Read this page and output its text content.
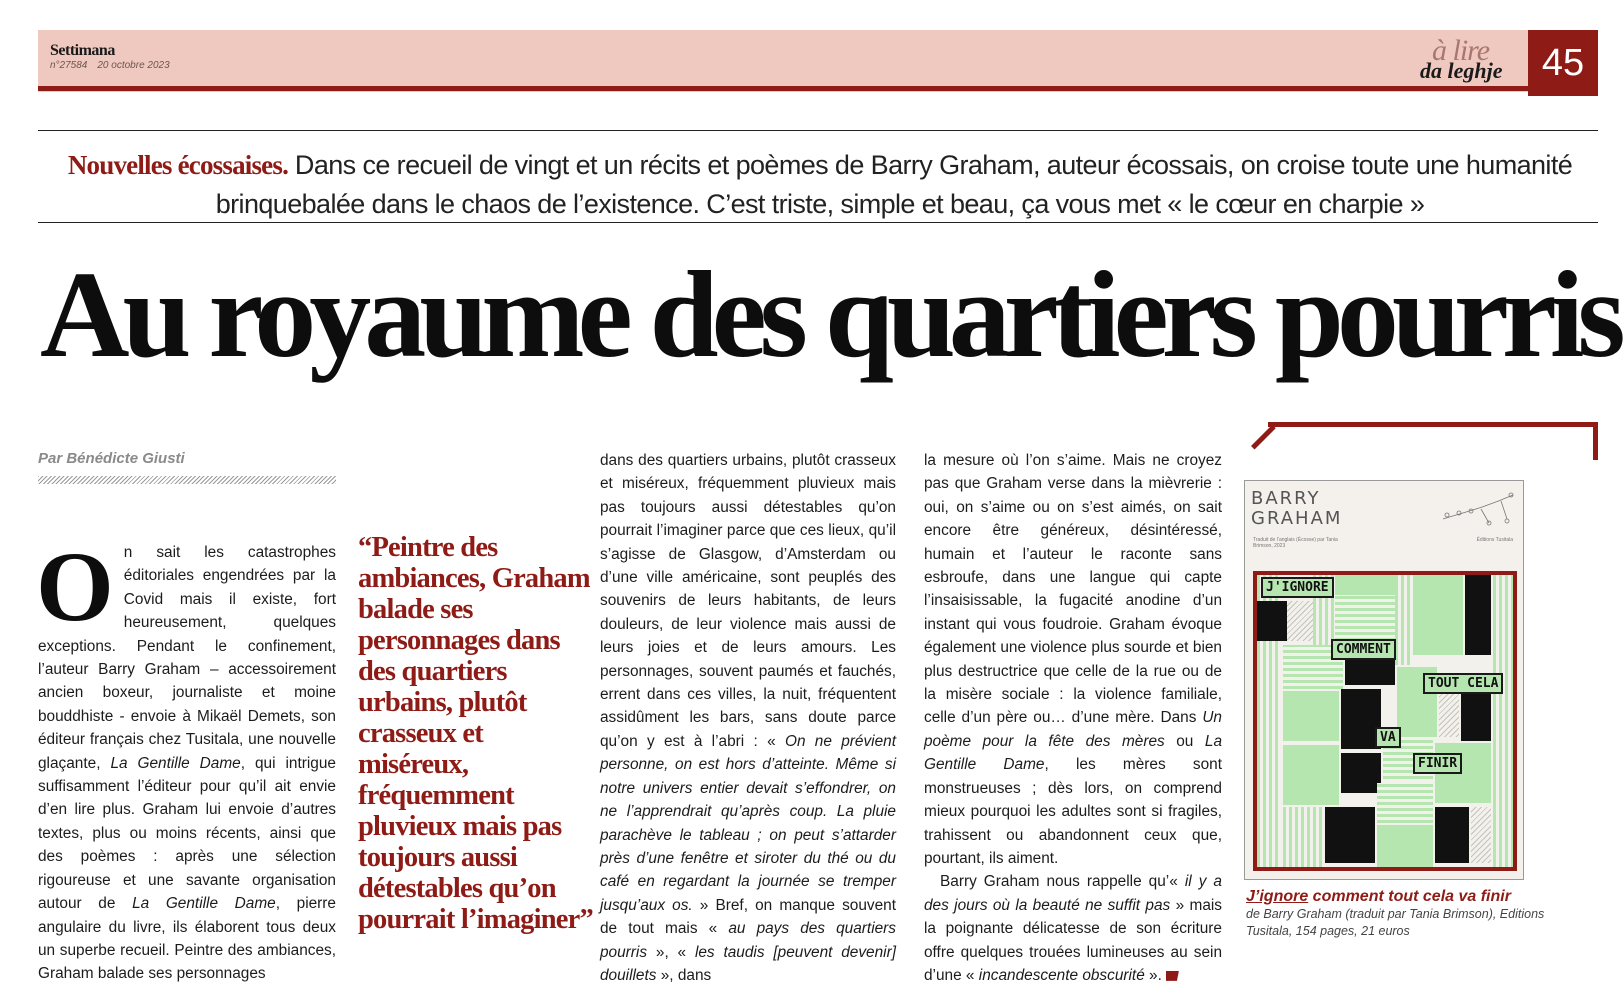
Settimana
n°27584 20 octobre 2023	à lire
da leghje	45
Nouvelles écossaises. Dans ce recueil de vingt et un récits et poèmes de Barry Graham, auteur écossais, on croise toute une humanité brinquebalée dans le chaos de l’existence. C’est triste, simple et beau, ça vous met « le cœur en charpie »
Au royaume des quartiers pourris
Par Bénédicte Giusti

On sait les catastrophes éditoriales engendrées par la Covid mais il existe, fort heureusement, quelques exceptions. Pendant le confinement, l’auteur Barry Graham – accessoirement ancien boxeur, journaliste et moine bouddhiste - envoie à Mikaël Demets, son éditeur français chez Tusitala, une nouvelle glaçante, La Gentille Dame, qui intrigue suffisamment l’éditeur pour qu’il ait envie d’en lire plus. Graham lui envoie d’autres textes, plus ou moins récents, ainsi que des poèmes : après une sélection rigoureuse et une savante organisation autour de La Gentille Dame, pierre angulaire du livre, ils élaborent tous deux un superbe recueil. Peintre des ambiances, Graham balade ses personnages

“Peintre des ambiances, Graham balade ses personnages dans des quartiers urbains, plutôt crasseux et miséreux, fréquemment pluvieux mais pas toujours aussi détestables qu’on pourrait l’imaginer”

dans des quartiers urbains, plutôt crasseux et miséreux, fréquemment pluvieux mais pas toujours aussi détestables qu’on pourrait l’imaginer parce que ces lieux, qu’il s’agisse de Glasgow, d’Amsterdam ou d’une ville américaine, sont peuplés des souvenirs de leurs habitants, de leurs douleurs, de leur violence mais aussi de leurs joies et de leurs amours. Les personnages, souvent paumés et fauchés, errent dans ces villes, la nuit, fréquentent assidûment les bars, sans doute parce qu’on y est à l’abri : « On ne prévient personne, on est hors d’atteinte. Même si notre univers entier devait s’effondrer, on ne l’apprendrait qu’après coup. La pluie parachève le tableau ; on peut s’attarder près d’une fenêtre et siroter du thé ou du café en regardant la journée se tremper jusqu’aux os. » Bref, on manque souvent de tout mais « au pays des quartiers pourris », « les taudis [peuvent devenir] douillets », dans

la mesure où l’on s’aime. Mais ne croyez pas que Graham verse dans la mièvrerie : oui, on s’aime ou on s’est aimés, on sait encore être généreux, désintéressé, humain et l’auteur le raconte sans esbroufe, dans une langue qui capte l’insaisissable, la fugacité anodine d’un instant qui vous foudroie. Graham évoque également une violence plus sourde et bien plus destructrice que celle de la rue ou de la misère sociale : la violence familiale, celle d’un père ou… d’une mère. Dans Un poème pour la fête des mères ou La Gentille Dame, les mères sont monstrueuses ; dès lors, on comprend mieux pourquoi les adultes sont si fragiles, trahissent ou abandonnent ceux que, pourtant, ils aiment.

Barry Graham nous rappelle qu’« il y a des jours où la beauté ne suffit pas » mais la poignante délicatesse de son écriture offre quelques trouées lumineuses au sein d’une « incandescente obscurité ».

BARRY
GRAHAM
Traduit de l’anglais (Écosse) par Tania Brimson, 2023
Éditions Tusitala
J'IGNORE
COMMENT
TOUT CELA
VA
FINIR
J’ignore comment tout cela va finir
de Barry Graham (traduit par Tania Brimson), Editions Tusitala, 154 pages, 21 euros
